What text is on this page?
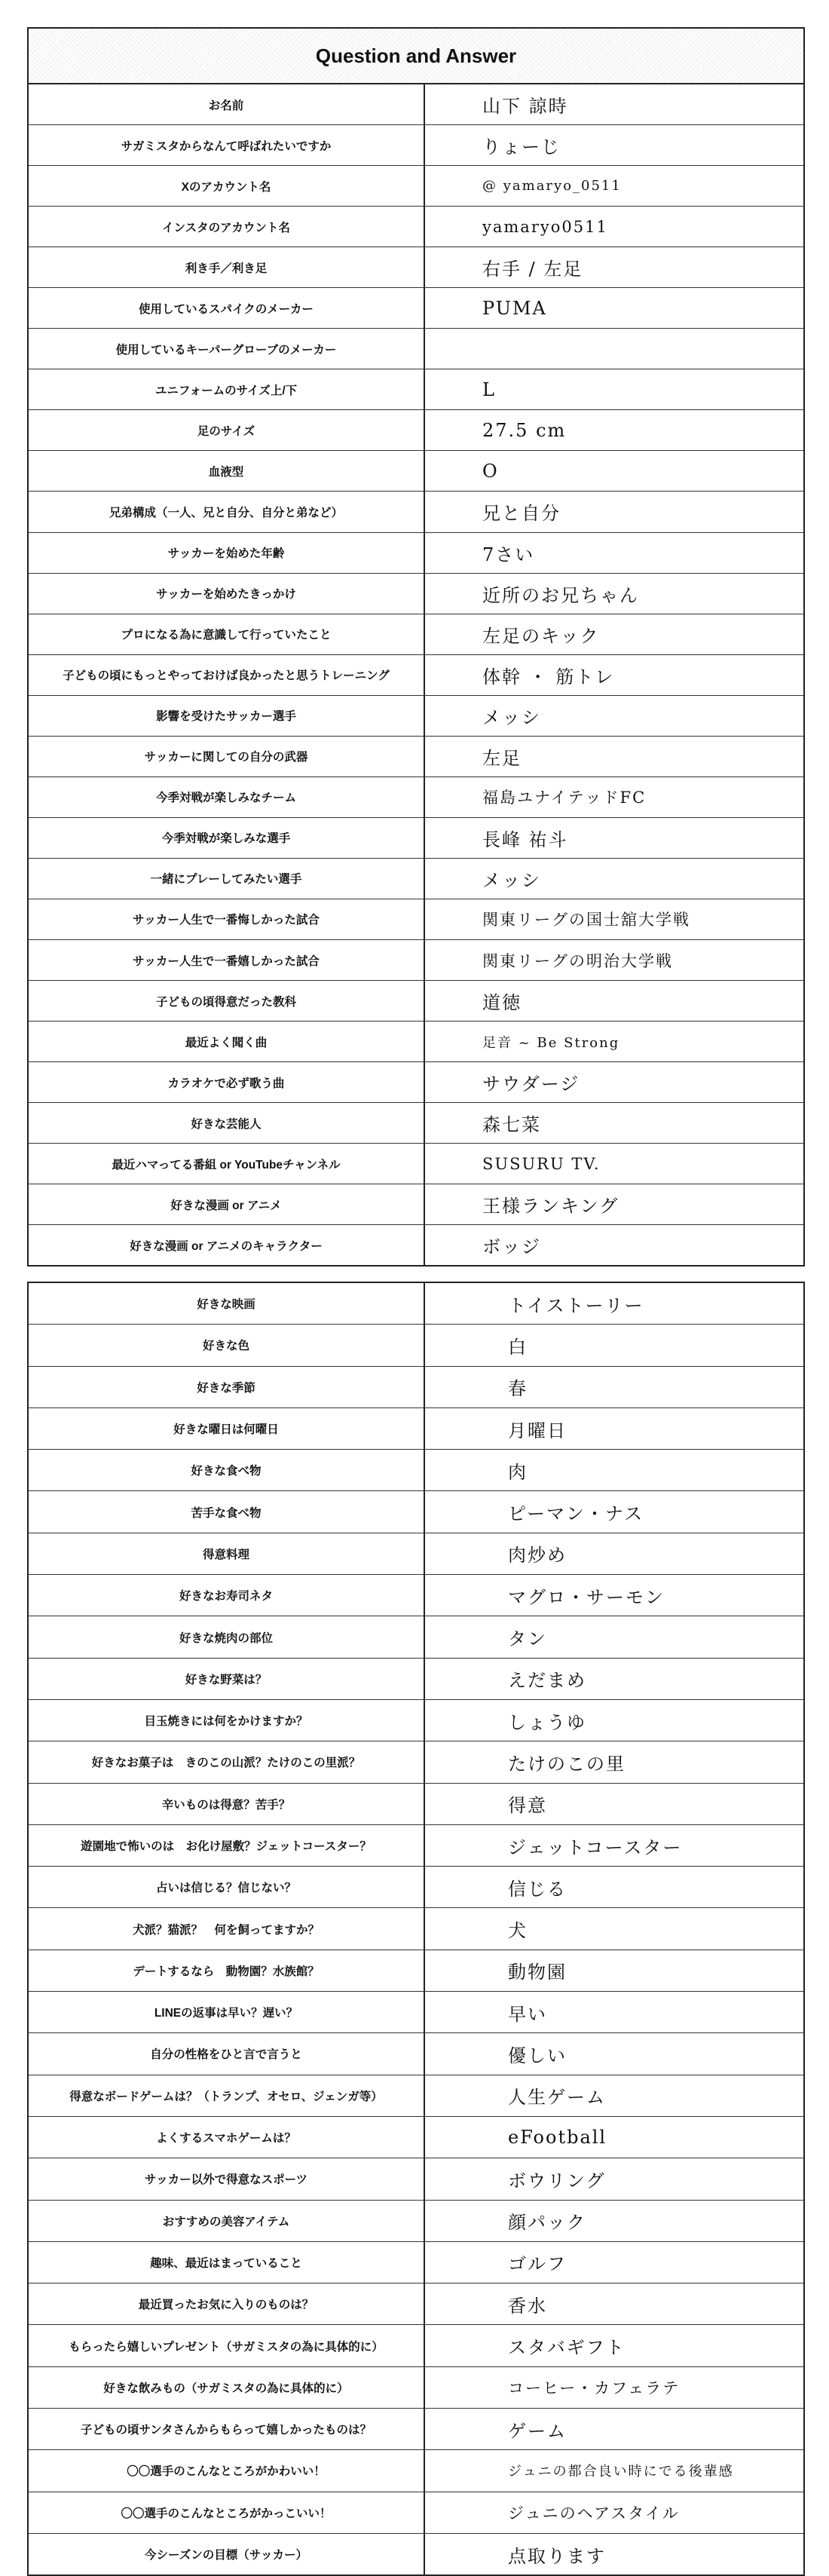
Question and Answer
お名前	山下 諒時
サガミスタからなんて呼ばれたいですか	りょーじ
Xのアカウント名	@ yamaryo_0511
インスタのアカウント名	yamaryo0511
利き手／利き足	右手 / 左足
使用しているスパイクのメーカー	PUMA
使用しているキーパーグローブのメーカー
ユニフォームのサイズ上/下	L
足のサイズ	27.5 cm
血液型	O
兄弟構成（一人、兄と自分、自分と弟など）	兄と自分
サッカーを始めた年齢	7さい
サッカーを始めたきっかけ	近所のお兄ちゃん
プロになる為に意識して行っていたこと	左足のキック
子どもの頃にもっとやっておけば良かったと思うトレーニング	体幹 ・ 筋トレ
影響を受けたサッカー選手	メッシ
サッカーに関しての自分の武器	左足
今季対戦が楽しみなチーム	福島ユナイテッドFC
今季対戦が楽しみな選手	長峰 祐斗
一緒にプレーしてみたい選手	メッシ
サッカー人生で一番悔しかった試合	関東リーグの国士舘大学戦
サッカー人生で一番嬉しかった試合	関東リーグの明治大学戦
子どもの頃得意だった教科	道徳
最近よく聞く曲	足音 ~ Be Strong
カラオケで必ず歌う曲	サウダージ
好きな芸能人	森七菜
最近ハマってる番組 or YouTubeチャンネル	SUSURU TV.
好きな漫画 or アニメ	王様ランキング
好きな漫画 or アニメのキャラクター	ボッジ
好きな映画	トイストーリー
好きな色	白
好きな季節	春
好きな曜日は何曜日	月曜日
好きな食べ物	肉
苦手な食べ物	ピーマン・ナス
得意料理	肉炒め
好きなお寿司ネタ	マグロ・サーモン
好きな焼肉の部位	タン
好きな野菜は？	えだまめ
目玉焼きには何をかけますか？	しょうゆ
好きなお菓子は　きのこの山派？たけのこの里派？	たけのこの里
辛いものは得意？苦手？	得意
遊園地で怖いのは　お化け屋敷？ジェットコースター？	ジェットコースター
占いは信じる？信じない？	信じる
犬派？猫派？　何を飼ってますか？	犬
デートするなら　動物園？水族館？	動物園
LINEの返事は早い？遅い？	早い
自分の性格をひと言で言うと	優しい
得意なボードゲームは？（トランプ、オセロ、ジェンガ等）	人生ゲーム
よくするスマホゲームは？	eFootball
サッカー以外で得意なスポーツ	ボウリング
おすすめの美容アイテム	顔パック
趣味、最近はまっていること	ゴルフ
最近買ったお気に入りのものは？	香水
もらったら嬉しいプレゼント（サガミスタの為に具体的に）	スタバギフト
好きな飲みもの（サガミスタの為に具体的に）	コーヒー・カフェラテ
子どもの頃サンタさんからもらって嬉しかったものは？	ゲーム
〇〇選手のこんなところがかわいい！	ジュニの都合良い時にでる後輩感
〇〇選手のこんなところがかっこいい！	ジュニのヘアスタイル
今シーズンの目標（サッカー）	点取ります
